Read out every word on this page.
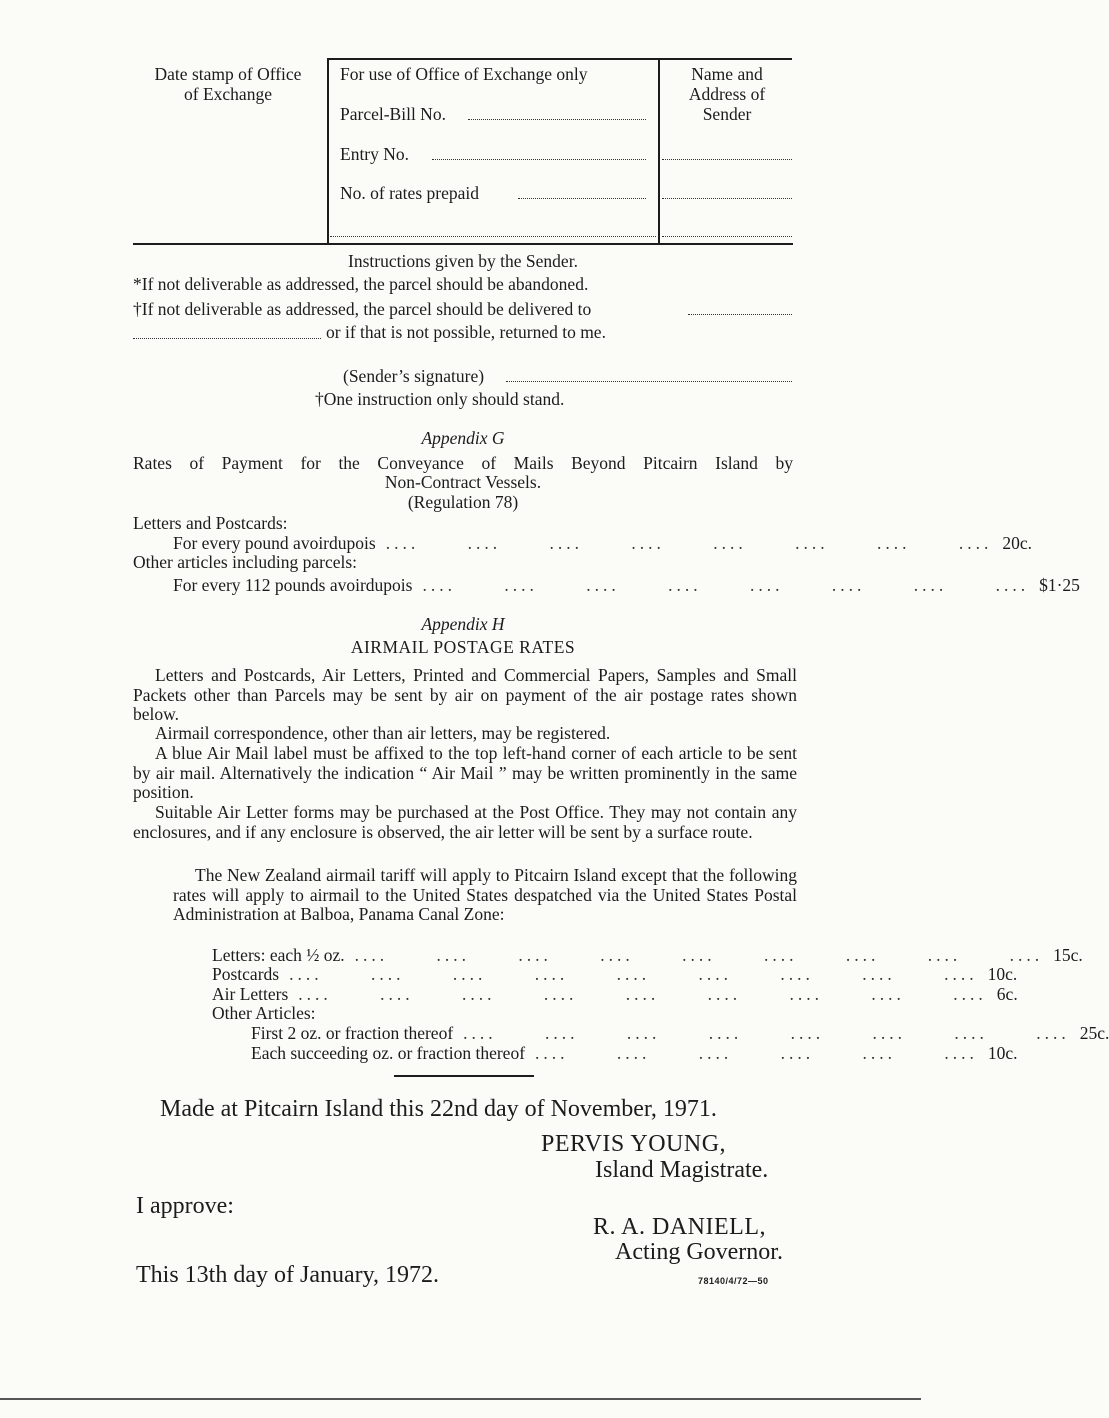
Date stamp of Office
of Exchange
For use of Office of Exchange only
Parcel-Bill No.
Entry No.
No. of rates prepaid
Name and
Address of
Sender
Instructions given by the Sender.
*If not deliverable as addressed, the parcel should be abandoned.
†If not deliverable as addressed, the parcel should be delivered to
or if that is not possible, returned to me.
(Sender’s signature)
†One instruction only should stand.
Appendix G
Rates of Payment for the Conveyance of Mails Beyond Pitcairn Island by
Non-Contract Vessels.
(Regulation 78)
Letters and Postcards:
For every pound avoirdupois .... .... .... .... .... .... .... .... 20c.
Other articles including parcels:
For every 112 pounds avoirdupois .... .... .... .... .... .... .... .... $1·25
Appendix H
AIRMAIL POSTAGE RATES
Letters and Postcards, Air Letters, Printed and Commercial Papers, Samples and Small Packets other than Parcels may be sent by air on payment of the air postage rates shown below.
Airmail correspondence, other than air letters, may be registered.
A blue Air Mail label must be affixed to the top left-hand corner of each article to be sent by air mail. Alternatively the indication “ Air Mail ” may be written prominently in the same position.
Suitable Air Letter forms may be purchased at the Post Office. They may not contain any enclosures, and if any enclosure is observed, the air letter will be sent by a surface route.
The New Zealand airmail tariff will apply to Pitcairn Island except that the following rates will apply to airmail to the United States despatched via the United States Postal Administration at Balboa, Panama Canal Zone:
Letters: each ½ oz. .... .... .... .... .... .... .... .... .... 15c.
Postcards .... .... .... .... .... .... .... .... .... 10c.
Air Letters .... .... .... .... .... .... .... .... .... 6c.
Other Articles:
First 2 oz. or fraction thereof .... .... .... .... .... .... .... .... 25c.
Each succeeding oz. or fraction thereof .... .... .... .... .... .... 10c.
Made at Pitcairn Island this 22nd day of November, 1971.
PERVIS YOUNG,
Island Magistrate.
I approve:
R. A. DANIELL,
Acting Governor.
This 13th day of January, 1972.	78140/4/72—50
